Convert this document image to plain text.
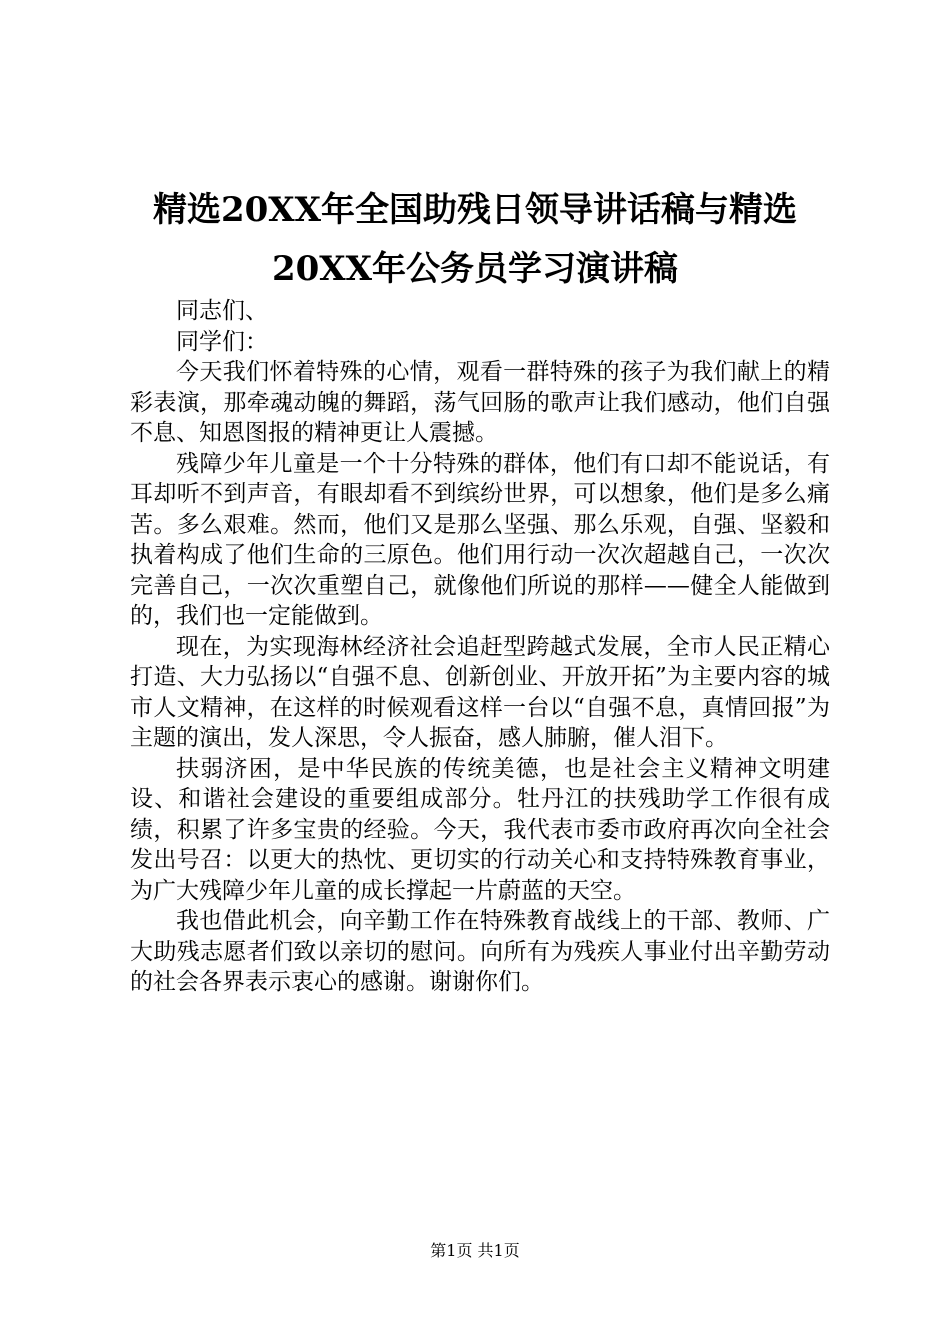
精选20XX年全国助残日领导讲话稿与精选
20XX年公务员学习演讲稿

同志们、

同学们：

今天我们怀着特殊的心情，观看一群特殊的孩子为我们献上的精彩表演，那牵魂动魄的舞蹈，荡气回肠的歌声让我们感动，他们自强不息、知恩图报的精神更让人震撼。

残障少年儿童是一个十分特殊的群体，他们有口却不能说话，有耳却听不到声音，有眼却看不到缤纷世界，可以想象，他们是多么痛苦。多么艰难。然而，他们又是那么坚强、那么乐观，自强、坚毅和执着构成了他们生命的三原色。他们用行动一次次超越自己，一次次完善自己，一次次重塑自己，就像他们所说的那样——健全人能做到的，我们也一定能做到。

现在，为实现海林经济社会追赶型跨越式发展，全市人民正精心打造、大力弘扬以“自强不息、创新创业、开放开拓”为主要内容的城市人文精神，在这样的时候观看这样一台以“自强不息，真情回报”为主题的演出，发人深思，令人振奋，感人肺腑，催人泪下。

扶弱济困，是中华民族的传统美德，也是社会主义精神文明建设、和谐社会建设的重要组成部分。牡丹江的扶残助学工作很有成绩，积累了许多宝贵的经验。今天，我代表市委市政府再次向全社会发出号召：以更大的热忱、更切实的行动关心和支持特殊教育事业，为广大残障少年儿童的成长撑起一片蔚蓝的天空。

我也借此机会，向辛勤工作在特殊教育战线上的干部、教师、广大助残志愿者们致以亲切的慰问。向所有为残疾人事业付出辛勤劳动的社会各界表示衷心的感谢。谢谢你们。

第1页 共1页
